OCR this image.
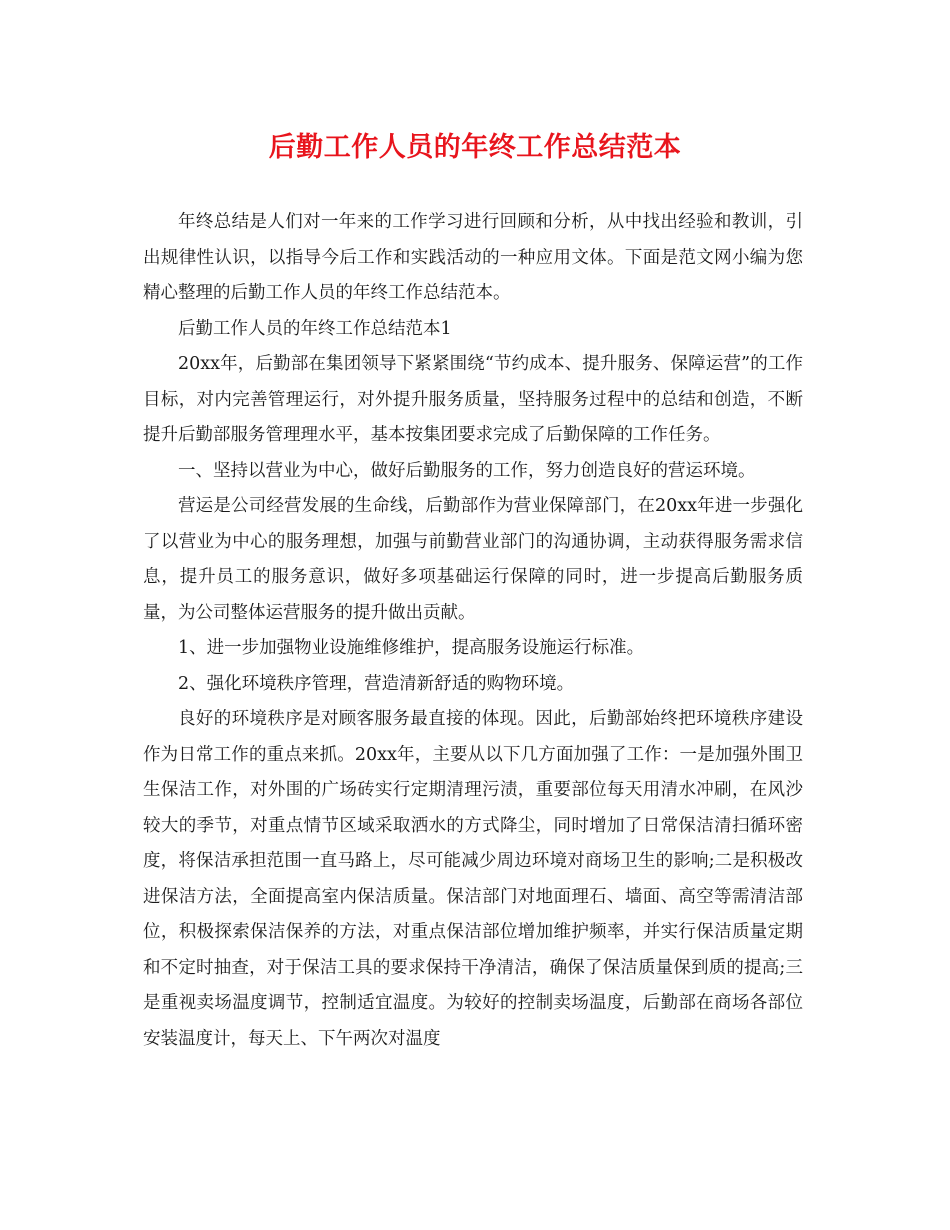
后勤工作人员的年终工作总结范本

年终总结是人们对一年来的工作学习进行回顾和分析，从中找出经验和教训，引出规律性认识，以指导今后工作和实践活动的一种应用文体。下面是范文网小编为您精心整理的后勤工作人员的年终工作总结范本。

后勤工作人员的年终工作总结范本1

20xx年，后勤部在集团领导下紧紧围绕“节约成本、提升服务、保障运营”的工作目标，对内完善管理运行，对外提升服务质量，坚持服务过程中的总结和创造，不断提升后勤部服务管理理水平，基本按集团要求完成了后勤保障的工作任务。

一、坚持以营业为中心，做好后勤服务的工作，努力创造良好的营运环境。

营运是公司经营发展的生命线，后勤部作为营业保障部门，在20xx年进一步强化了以营业为中心的服务理想，加强与前勤营业部门的沟通协调，主动获得服务需求信息，提升员工的服务意识，做好多项基础运行保障的同时，进一步提高后勤服务质量，为公司整体运营服务的提升做出贡献。

1、进一步加强物业设施维修维护，提高服务设施运行标准。

2、强化环境秩序管理，营造清新舒适的购物环境。

良好的环境秩序是对顾客服务最直接的体现。因此，后勤部始终把环境秩序建设作为日常工作的重点来抓。20xx年，主要从以下几方面加强了工作：一是加强外围卫生保洁工作，对外围的广场砖实行定期清理污渍，重要部位每天用清水冲刷，在风沙较大的季节，对重点情节区域采取洒水的方式降尘，同时增加了日常保洁清扫循环密度，将保洁承担范围一直马路上，尽可能减少周边环境对商场卫生的影响;二是积极改进保洁方法，全面提高室内保洁质量。保洁部门对地面理石、墙面、高空等需清洁部位，积极探索保洁保养的方法，对重点保洁部位增加维护频率，并实行保洁质量定期和不定时抽查，对于保洁工具的要求保持干净清洁，确保了保洁质量保到质的提高;三是重视卖场温度调节，控制适宜温度。为较好的控制卖场温度，后勤部在商场各部位安装温度计，每天上、下午两次对温度
